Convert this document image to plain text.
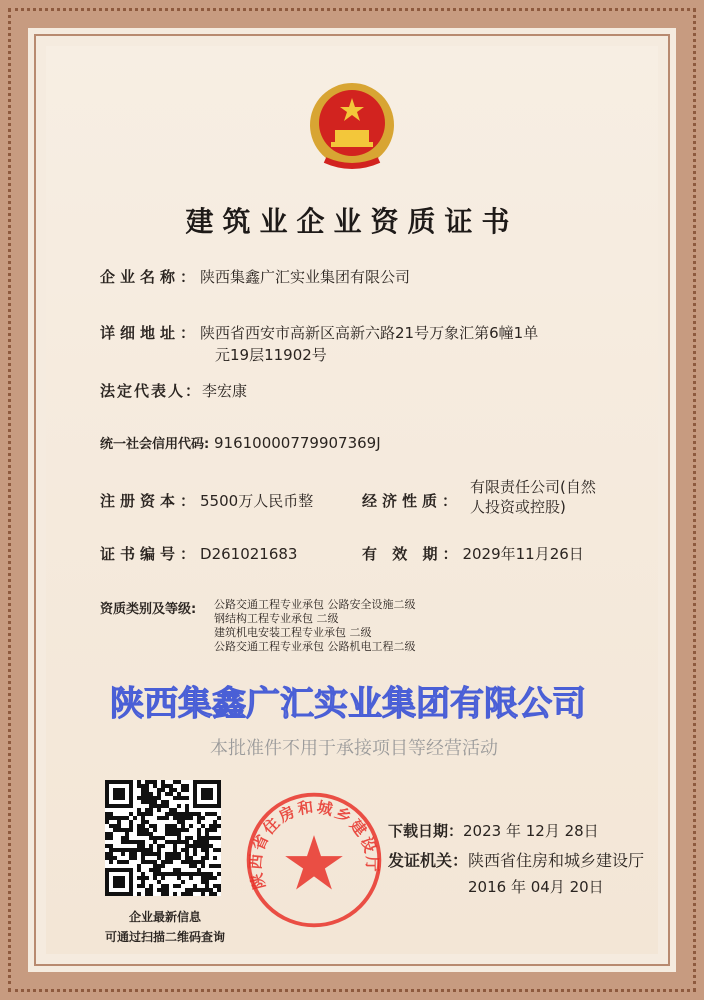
建筑业企业资质证书
企业名称：陕西集鑫广汇实业集团有限公司
详细地址：陕西省西安市高新区高新六路21号万象汇第6幢1单
元19层11902号
法定代表人：李宏康
统一社会信用代码: 91610000779907369J
注册资本：5500万人民币整	经济性质：
有限责任公司(自然
人投资或控股)
证书编号：D261021683	有 效 期：2029年11月26日
资质类别及等级: 公路交通工程专业承包 公路安全设施二级
钢结构工程专业承包 二级
建筑机电安装工程专业承包 二级
公路交通工程专业承包 公路机电工程二级
陕西集鑫广汇实业集团有限公司
本批准件不用于承接项目等经营活动
企业最新信息
可通过扫描二维码查询
陕西省住房和城乡建设厅
下载日期：2023 年 12月 28日
发证机关：陕西省住房和城乡建设厅
2016 年 04月 20日
